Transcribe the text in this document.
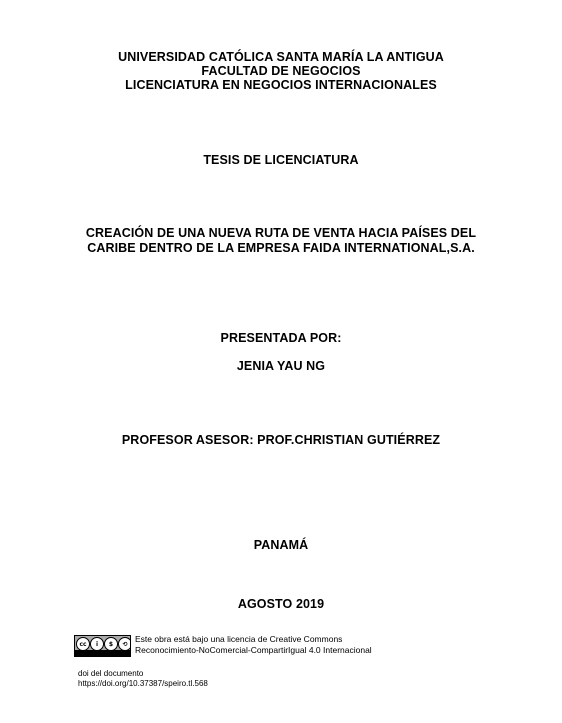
UNIVERSIDAD CATÓLICA SANTA MARÍA LA ANTIGUA
FACULTAD DE NEGOCIOS
LICENCIATURA EN NEGOCIOS INTERNACIONALES
TESIS DE LICENCIATURA
CREACIÓN DE UNA NUEVA RUTA DE VENTA HACIA PAÍSES DEL
CARIBE DENTRO DE LA EMPRESA FAIDA INTERNATIONAL,S.A.
PRESENTADA POR:
JENIA YAU NG
PROFESOR ASESOR: PROF.CHRISTIAN GUTIÉRREZ
PANAMÁ
AGOSTO 2019
cc	i	$	⟲ Este obra está bajo una licencia de Creative Commons
Reconocimiento-NoComercial-CompartirIgual 4.0 Internacional
doi del documento
https://doi.org/10.37387/speiro.tl.568
